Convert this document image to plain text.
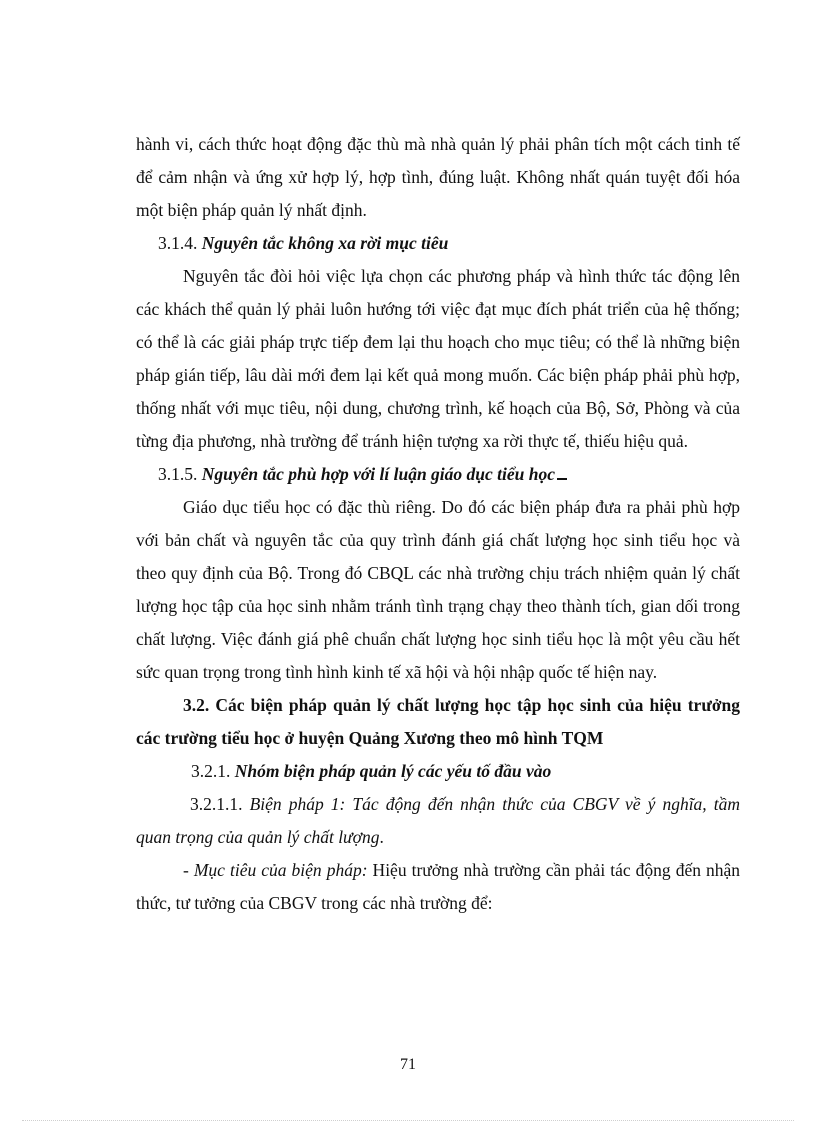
hành vi, cách thức hoạt động đặc thù mà nhà quản lý phải phân tích một cách tinh tế để cảm nhận và ứng xử hợp lý, hợp tình, đúng luật. Không nhất quán tuyệt đối hóa một biện pháp quản lý nhất định.

3.1.4. Nguyên tắc không xa rời mục tiêu

Nguyên tắc đòi hỏi việc lựa chọn các phương pháp và hình thức tác động lên các khách thể quản lý phải luôn hướng tới việc đạt mục đích phát triển của hệ thống; có thể là các giải pháp trực tiếp đem lại thu hoạch cho mục tiêu; có thể là những biện pháp gián tiếp, lâu dài mới đem lại kết quả mong muốn. Các biện pháp phải phù hợp, thống nhất với mục tiêu, nội dung, chương trình, kế hoạch của Bộ, Sở, Phòng và của từng địa phương, nhà trường để tránh hiện tượng xa rời thực tế, thiếu hiệu quả.

3.1.5. Nguyên tắc phù hợp với lí luận giáo dục tiểu học

Giáo dục tiểu học có đặc thù riêng. Do đó các biện pháp đưa ra phải phù hợp với bản chất và nguyên tắc của quy trình đánh giá chất lượng học sinh tiểu học và theo quy định của Bộ. Trong đó CBQL các nhà trường chịu trách nhiệm quản lý chất lượng học tập của học sinh nhằm tránh tình trạng chạy theo thành tích, gian dối trong chất lượng. Việc đánh giá phê chuẩn chất lượng học sinh tiểu học là một yêu cầu hết sức quan trọng trong tình hình kinh tế xã hội và hội nhập quốc tế hiện nay.

3.2. Các biện pháp quản lý chất lượng học tập học sinh của hiệu trưởng các trường tiểu học ở huyện Quảng Xương theo mô hình TQM

3.2.1. Nhóm biện pháp quản lý các yếu tố đầu vào

3.2.1.1. Biện pháp 1: Tác động đến nhận thức của CBGV về ý nghĩa, tầm quan trọng của quản lý chất lượng.

- Mục tiêu của biện pháp: Hiệu trưởng nhà trường cần phải tác động đến nhận thức, tư tưởng của CBGV trong các nhà trường để:

71
